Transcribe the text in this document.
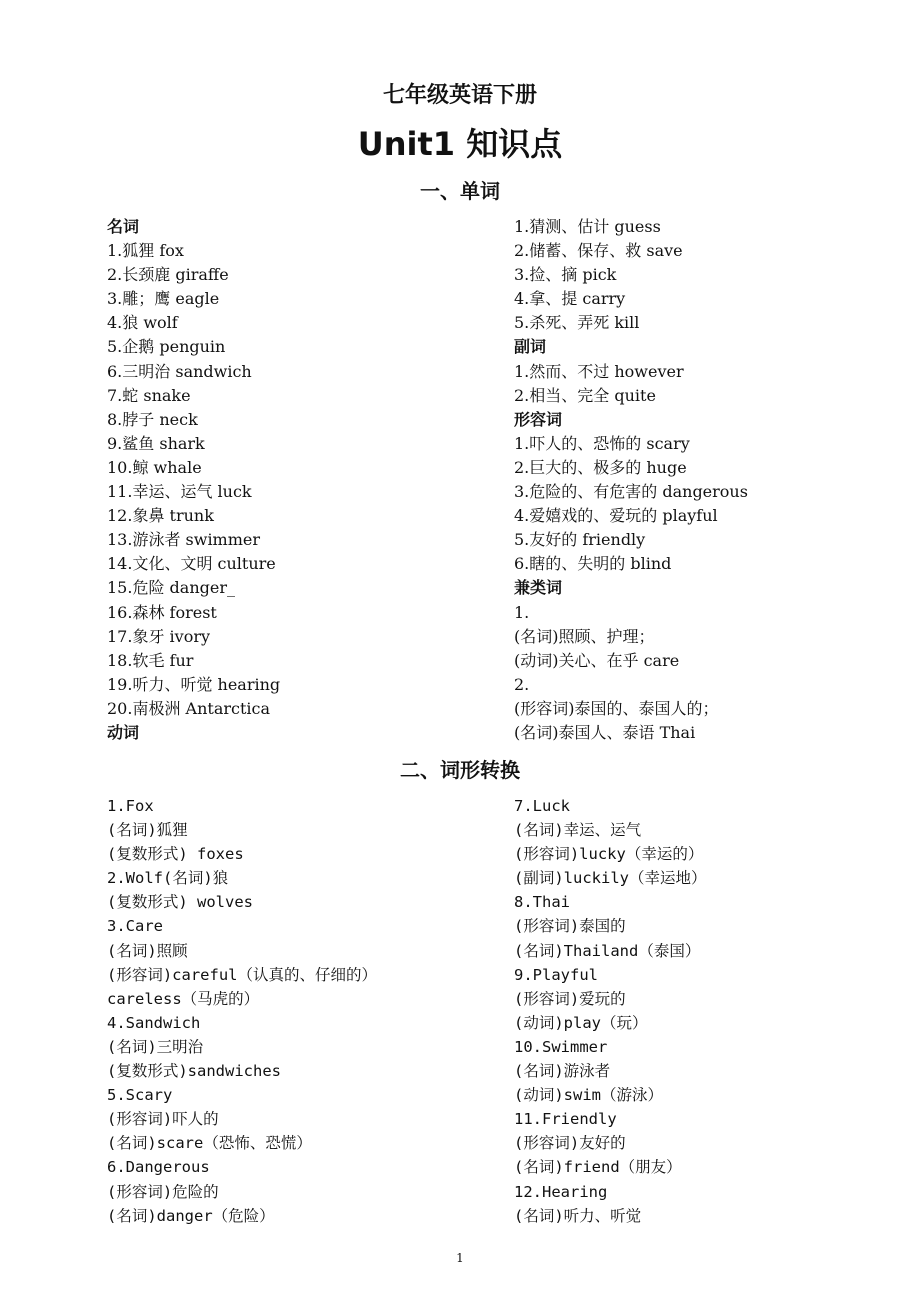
七年级英语下册
Unit1 知识点
一、单词
名词
1.狐狸 fox
2.长颈鹿 giraffe
3.雕；鹰 eagle
4.狼 wolf
5.企鹅 penguin
6.三明治 sandwich
7.蛇 snake
8.脖子 neck
9.鲨鱼 shark
10.鲸 whale
11.幸运、运气 luck
12.象鼻 trunk
13.游泳者 swimmer
14.文化、文明 culture
15.危险 danger_
16.森林 forest
17.象牙 ivory
18.软毛 fur
19.听力、听觉 hearing
20.南极洲 Antarctica
动词
1.猜测、估计 guess
2.储蓄、保存、救 save
3.捡、摘 pick
4.拿、提 carry
5.杀死、弄死 kill
副词
1.然而、不过 however
2.相当、完全 quite
形容词
1.吓人的、恐怖的 scary
2.巨大的、极多的 huge
3.危险的、有危害的 dangerous
4.爱嬉戏的、爱玩的 playful
5.友好的 friendly
6.瞎的、失明的 blind
兼类词
1.
(名词)照顾、护理；
(动词)关心、在乎 care
2.
(形容词)泰国的、泰国人的；
(名词)泰国人、泰语 Thai
二、词形转换
1.Fox
(名词)狐狸
(复数形式) foxes
2.Wolf(名词)狼
(复数形式) wolves
3.Care
(名词)照顾
(形容词)careful（认真的、仔细的）
careless（马虎的）
4.Sandwich
(名词)三明治
(复数形式)sandwiches
5.Scary
(形容词)吓人的
(名词)scare（恐怖、恐慌）
6.Dangerous
(形容词)危险的
(名词)danger（危险）
7.Luck
(名词)幸运、运气
(形容词)lucky（幸运的）
(副词)luckily（幸运地）
8.Thai
(形容词)泰国的
(名词)Thailand（泰国）
9.Playful
(形容词)爱玩的
(动词)play（玩）
10.Swimmer
(名词)游泳者
(动词)swim（游泳）
11.Friendly
(形容词)友好的
(名词)friend（朋友）
12.Hearing
(名词)听力、听觉
1
